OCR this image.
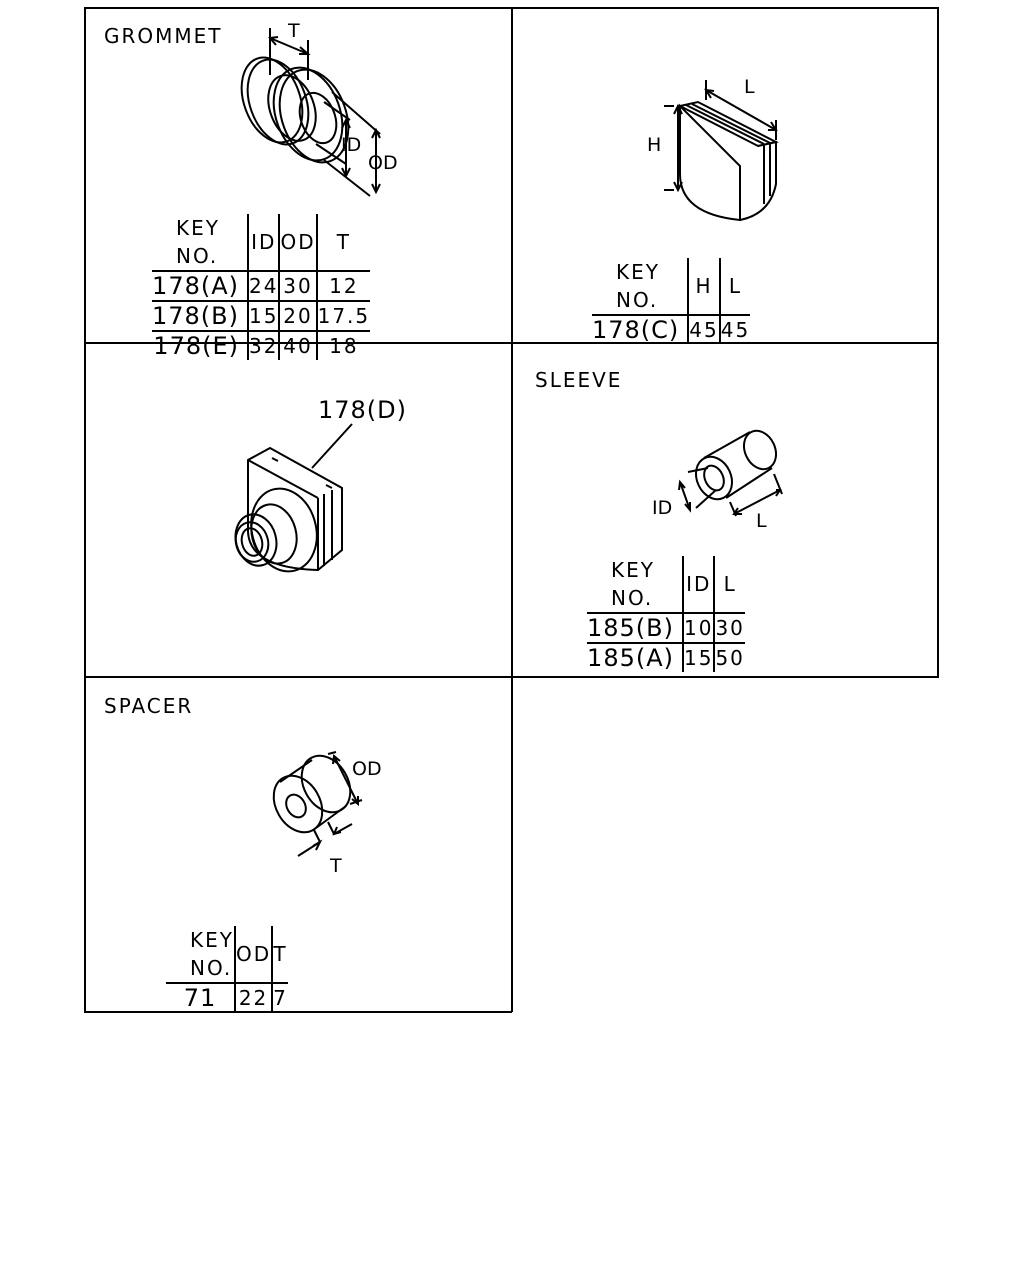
GROMMET	T
ID
OD
KEY NO.	ID	OD	T
178(A)	24	30	12
178(B)	15	20	17.5
178(E)	32	40	18
L
H
KEY NO.	H	L
178(C)	45	45
178(D)
SLEEVE
ID
L
KEY NO.	ID	L
185(B)	10	30
185(A)	15	50
SPACER
OD
T
KEY NO.	OD	T
71	22	7
